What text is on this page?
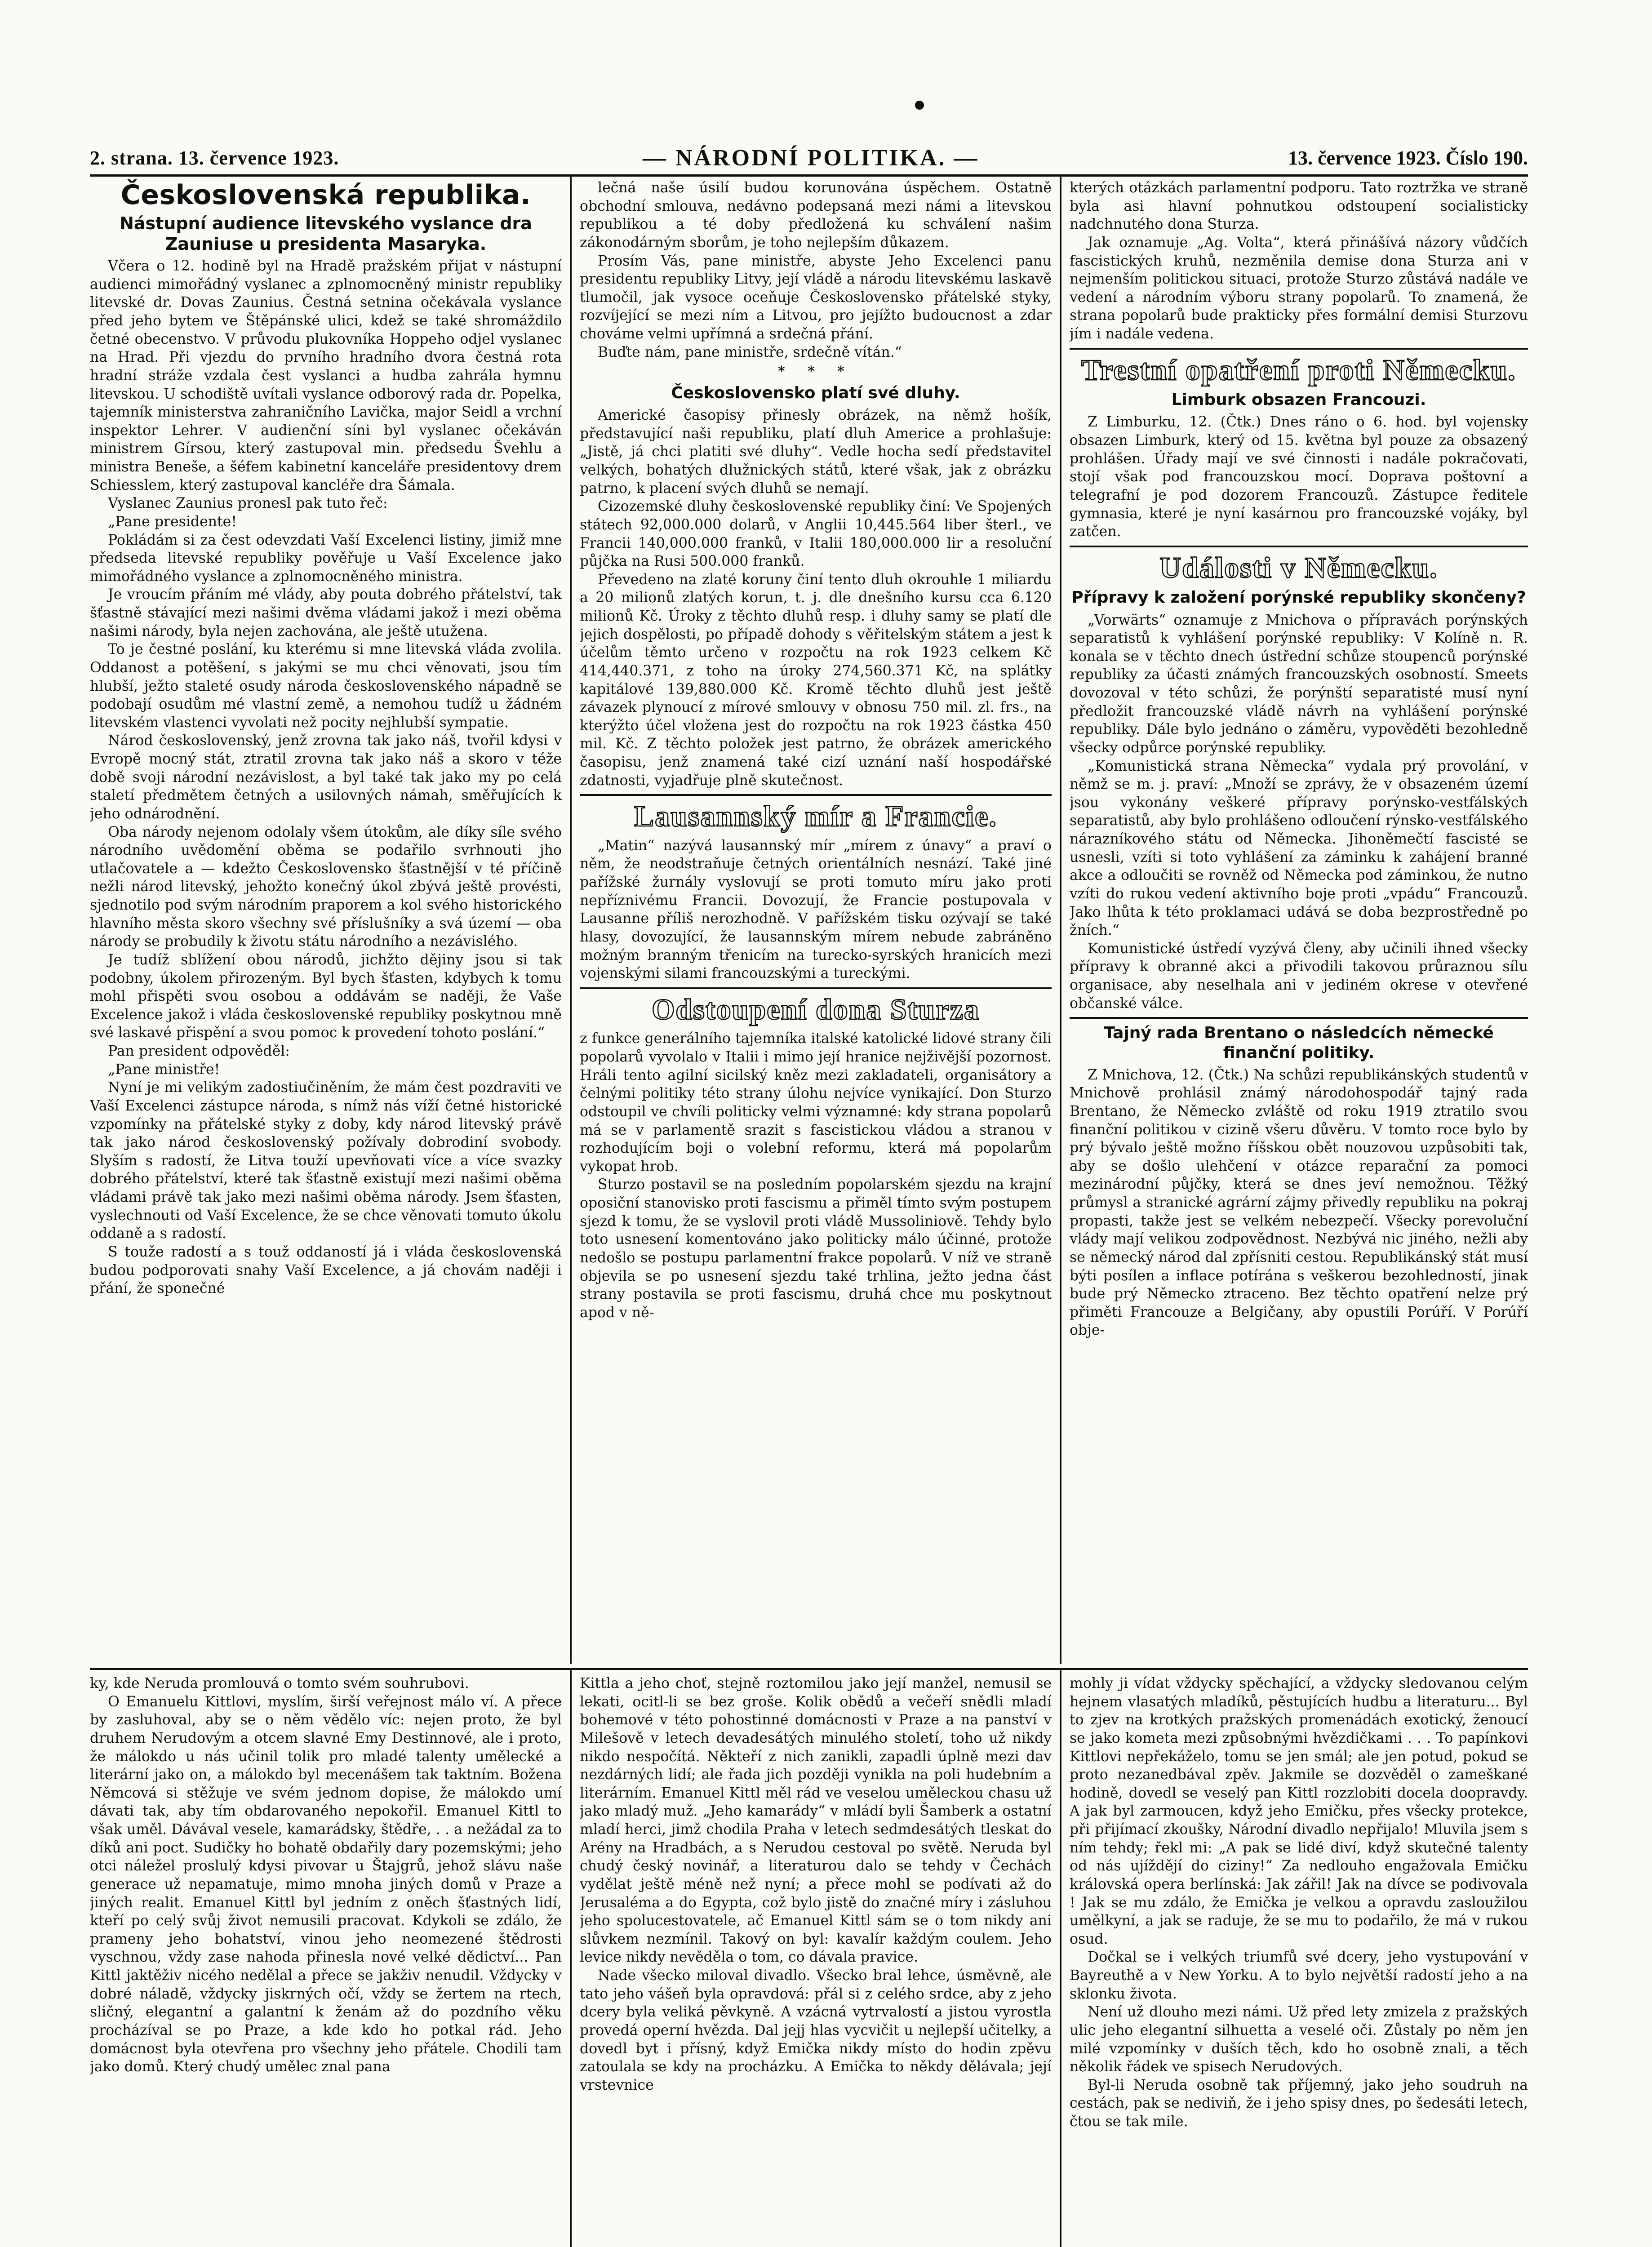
2. strana. 13. července 1923.	— NÁRODNÍ POLITIKA. —	13. července 1923. Číslo 190.
Československá republika.
Nástupní audience litevského vyslance dra Zauniuse u presidenta Masaryka.

Včera o 12. hodině byl na Hradě pražském přijat v nástupní audienci mimořádný vyslanec a zplnomocněný ministr republiky litevské dr. Dovas Zaunius. Čestná setnina očekávala vyslance před jeho bytem ve Štěpánské ulici, kdež se také shromáždilo četné obecenstvo. V průvodu plukovníka Hoppeho odjel vyslanec na Hrad. Při vjezdu do prvního hradního dvora čestná rota hradní stráže vzdala čest vyslanci a hudba zahrála hymnu litevskou. U schodiště uvítali vyslance odborový rada dr. Popelka, tajemník ministerstva zahraničního Lavička, major Seidl a vrchní inspektor Lehrer. V audienční síni byl vyslanec očekáván ministrem Gírsou, který zastupoval min. předsedu Švehlu a ministra Beneše, a šéfem kabinetní kanceláře presidentovy drem Schiesslem, který zastupoval kancléře dra Šámala.

Vyslanec Zaunius pronesl pak tuto řeč:

„Pane presidente!

Pokládám si za čest odevzdati Vaší Excelenci listiny, jimiž mne předseda litevské republiky pověřuje u Vaší Excelence jako mimořádného vyslance a zplnomocněného ministra.

Je vroucím přáním mé vlády, aby pouta dobrého přátelství, tak šťastně stávající mezi našimi dvěma vládami jakož i mezi oběma našimi národy, byla nejen zachována, ale ještě utužena.

To je čestné poslání, ku kterému si mne litevská vláda zvolila. Oddanost a potěšení, s jakými se mu chci věnovati, jsou tím hlubší, ježto staleté osudy národa československého nápadně se podobají osudům mé vlastní země, a nemohou tudíž u žádném litevském vlastenci vyvolati než pocity nejhlubší sympatie.

Národ československý, jenž zrovna tak jako náš, tvořil kdysi v Evropě mocný stát, ztratil zrovna tak jako náš a skoro v téže době svoji národní nezávislost, a byl také tak jako my po celá staletí předmětem četných a usilovných námah, směřujících k jeho odnárodnění.

Oba národy nejenom odolaly všem útokům, ale díky síle svého národního uvědomění oběma se podařilo svrhnouti jho utlačovatele a — kdežto Československo šťastnější v té příčině nežli národ litevský, jehožto konečný úkol zbývá ještě provésti, sjednotilo pod svým národním praporem a kol svého historického hlavního města skoro všechny své příslušníky a svá území — oba národy se probudily k životu státu národního a nezávislého.

Je tudíž sblížení obou národů, jichžto dějiny jsou si tak podobny, úkolem přirozeným. Byl bych šťasten, kdybych k tomu mohl přispěti svou osobou a oddávám se naději, že Vaše Excelence jakož i vláda československé republiky poskytnou mně své laskavé přispění a svou pomoc k provedení tohoto poslání.“

Pan president odpověděl:

„Pane ministře!

Nyní je mi velikým zadostiučiněním, že mám čest pozdraviti ve Vaší Excelenci zástupce národa, s nímž nás víží četné historické vzpomínky na přátelské styky z doby, kdy národ litevský právě tak jako národ československý požívaly dobrodiní svobody. Slyším s radostí, že Litva touží upevňovati více a více svazky dobrého přátelství, které tak šťastně existují mezi našimi oběma vládami právě tak jako mezi našimi oběma národy. Jsem šťasten, vyslechnouti od Vaší Excelence, že se chce věnovati tomuto úkolu oddaně a s radostí.

S touže radostí a s touž oddaností já i vláda československá budou podporovati snahy Vaší Excelence, a já chovám naději i přání, že sponečné

lečná naše úsilí budou korunována úspěchem. Ostatně obchodní smlouva, nedávno podepsaná mezi námi a litevskou republikou a té doby předložená ku schválení našim zákonodárným sborům, je toho nejlepším důkazem.

Prosím Vás, pane ministře, abyste Jeho Excelenci panu presidentu republiky Litvy, její vládě a národu litevskému laskavě tlumočil, jak vysoce oceňuje Československo přátelské styky, rozvíjející se mezi ním a Litvou, pro jejížto budoucnost a zdar chováme velmi upřímná a srdečná přání.

Buďte nám, pane ministře, srdečně vítán.“

* * *
Československo platí své dluhy.

Americké časopisy přinesly obrázek, na němž hošík, představující naši republiku, platí dluh Americe a prohlašuje: „Jistě, já chci platiti své dluhy“. Vedle hocha sedí představitel velkých, bohatých dlužnických států, které však, jak z obrázku patrno, k placení svých dluhů se nemají.

Cizozemské dluhy československé republiky činí: Ve Spojených státech 92,000.000 dolarů, v Anglii 10,445.564 liber šterl., ve Francii 140,000.000 franků, v Italii 180,000.000 lir a resoluční půjčka na Rusi 500.000 franků.

Převedeno na zlaté koruny činí tento dluh okrouhle 1 miliardu a 20 milionů zlatých korun, t. j. dle dnešního kursu cca 6.120 milionů Kč. Úroky z těchto dluhů resp. i dluhy samy se platí dle jejich dospělosti, po případě dohody s věřitelským státem a jest k účelům těmto určeno v rozpočtu na rok 1923 celkem Kč 414,440.371, z toho na úroky 274,560.371 Kč, na splátky kapitálové 139,880.000 Kč. Kromě těchto dluhů jest ještě závazek plynoucí z mírové smlouvy v obnosu 750 mil. zl. frs., na kterýžto účel vložena jest do rozpočtu na rok 1923 částka 450 mil. Kč. Z těchto položek jest patrno, že obrázek amerického časopisu, jenž znamená také cizí uznání naší hospodářské zdatnosti, vyjadřuje plně skutečnost.

Lausannský mír a Francie.

„Matin“ nazývá lausannský mír „mírem z únavy“ a praví o něm, že neodstraňuje četných orientálních nesnází. Také jiné pařížské žurnály vyslovují se proti tomuto míru jako proti nepříznivému Francii. Dovozují, že Francie postupovala v Lausanne příliš nerozhodně. V pařížském tisku ozývají se také hlasy, dovozující, že lausannským mírem nebude zabráněno možným branným třenicím na turecko-syrských hranicích mezi vojenskými silami francouzskými a tureckými.

Odstoupení dona Sturza

z funkce generálního tajemníka italské katolické lidové strany čili popolarů vyvolalo v Italii i mimo její hranice nejživější pozornost. Hráli tento agilní sicilský kněz mezi zakladateli, organisátory a čelnými politiky této strany úlohu nejvíce vynikající. Don Sturzo odstoupil ve chvíli politicky velmi významné: kdy strana popolarů má se v parlamentě srazit s fascistickou vládou a stranou v rozhodujícím boji o volební reformu, která má popolarům vykopat hrob.

Sturzo postavil se na posledním popolarském sjezdu na krajní oposiční stanovisko proti fascismu a přiměl tímto svým postupem sjezd k tomu, že se vyslovil proti vládě Mussoliniově. Tehdy bylo toto usnesení komentováno jako politicky málo účinné, protože nedošlo se postupu parlamentní frakce popolarů. V níž ve straně objevila se po usnesení sjezdu také trhlina, ježto jedna část strany postavila se proti fascismu, druhá chce mu poskytnout apod v ně-

kterých otázkách parlamentní podporu. Tato roztržka ve straně byla asi hlavní pohnutkou odstoupení socialisticky nadchnutého dona Sturza.

Jak oznamuje „Ag. Volta“, která přinášívá názory vůdčích fascistických kruhů, nezměnila demise dona Sturza ani v nejmenším politickou situaci, protože Sturzo zůstává nadále ve vedení a národním výboru strany popolarů. To znamená, že strana popolarů bude prakticky přes formální demisi Sturzovu jím i nadále vedena.

Trestní opatření proti Německu.
Limburk obsazen Francouzi.

Z Limburku, 12. (Čtk.) Dnes ráno o 6. hod. byl vojensky obsazen Limburk, který od 15. května byl pouze za obsazený prohlášen. Úřady mají ve své činnosti i nadále pokračovati, stojí však pod francouzskou mocí. Doprava poštovní a telegrafní je pod dozorem Francouzů. Zástupce ředitele gymnasia, které je nyní kasárnou pro francouzské vojáky, byl zatčen.

Události v Německu.
Přípravy k založení porýnské republiky skončeny?

„Vorwärts“ oznamuje z Mnichova o přípravách porýnských separatistů k vyhlášení porýnské republiky: V Kolíně n. R. konala se v těchto dnech ústřední schůze stoupenců porýnské republiky za účasti známých francouzských osobností. Smeets dovozoval v této schůzi, že porýnští separatisté musí nyní předložit francouzské vládě návrh na vyhlášení porýnské republiky. Dále bylo jednáno o záměru, vypověděti bezohledně všecky odpůrce porýnské republiky.

„Komunistická strana Německa“ vydala prý provolání, v němž se m. j. praví: „Množí se zprávy, že v obsazeném území jsou vykonány veškeré přípravy porýnsko-vestfálských separatistů, aby bylo prohlášeno odloučení rýnsko-vestfálského nárazníkového státu od Německa. Jihoněmečtí fascisté se usnesli, vzíti si toto vyhlášení za záminku k zahájení branné akce a odloučiti se rovněž od Německa pod záminkou, že nutno vzíti do rukou vedení aktivního boje proti „vpádu“ Francouzů. Jako lhůta k této proklamaci udává se doba bezprostředně po žních.“

Komunistické ústředí vyzývá členy, aby učinili ihned všecky přípravy k obranné akci a přivodili takovou průraznou sílu organisace, aby neselhala ani v jediném okrese v otevřené občanské válce.

Tajný rada Brentano o následcích německé finanční politiky.

Z Mnichova, 12. (Čtk.) Na schůzi republikánských studentů v Mnichově prohlásil známý národohospodář tajný rada Brentano, že Německo zvláště od roku 1919 ztratilo svou finanční politikou v cizině všeru důvěru. V tomto roce bylo by prý bývalo ještě možno říšskou obět nouzovou uzpůsobiti tak, aby se došlo ulehčení v otázce reparační za pomoci mezinárodní půjčky, která se dnes jeví nemožnou. Těžký průmysl a stranické agrární zájmy přivedly republiku na pokraj propasti, takže jest se velkém nebezpečí. Všecky porevoluční vlády mají velikou zodpovědnost. Nezbývá nic jiného, nežli aby se německý národ dal zpřísniti cestou. Republikánský stát musí býti posílen a inflace potírána s veškerou bezohledností, jinak bude prý Německo ztraceno. Bez těchto opatření nelze prý přiměti Francouze a Belgičany, aby opustili Porúří. V Porúří obje-

ky, kde Neruda promlouvá o tomto svém souhrubovi.

O Emanuelu Kittlovi, myslím, širší veřejnost málo ví. A přece by zasluhoval, aby se o něm vědělo víc: nejen proto, že byl druhem Nerudovým a otcem slavné Emy Destinnové, ale i proto, že málokdo u nás učinil tolik pro mladé talenty umělecké a literární jako on, a málokdo byl mecenášem tak taktním. Božena Němcová si stěžuje ve svém jednom dopise, že málokdo umí dávati tak, aby tím obdarovaného nepokořil. Emanuel Kittl to však uměl. Dávával vesele, kamarádsky, štědře, . . a nežádal za to díků ani poct. Sudičky ho bohatě obdařily dary pozemskými; jeho otci náležel proslulý kdysi pivovar u Štajgrů, jehož slávu naše generace už nepamatuje, mimo mnoha jiných domů v Praze a jiných realit. Emanuel Kittl byl jedním z oněch šťastných lidí, kteří po celý svůj život nemusili pracovat. Kdykoli se zdálo, že prameny jeho bohatství, vinou jeho neomezené štědrosti vyschnou, vždy zase nahoda přinesla nové velké dědictví... Pan Kittl jaktěživ nicého nedělal a přece se jakživ nenudil. Vždycky v dobré náladě, vždycky jiskrných očí, vždy se žertem na rtech, sličný, elegantní a galantní k ženám až do pozdního věku procházíval se po Praze, a kde kdo ho potkal rád. Jeho domácnost byla otevřena pro všechny jeho přátele. Chodili tam jako domů. Který chudý umělec znal pana

Kittla a jeho choť, stejně roztomilou jako její manžel, nemusil se lekati, ocitl-li se bez groše. Kolik obědů a večeří snědli mladí bohemové v této pohostinné domácnosti v Praze a na panství v Milešově v letech devadesátých minulého století, toho už nikdy nikdo nespočítá. Někteří z nich zanikli, zapadli úplně mezi dav nezdárných lidí; ale řada jich později vynikla na poli hudebním a literárním. Emanuel Kittl měl rád ve veselou uměleckou chasu už jako mladý muž. „Jeho kamarády“ v mládí byli Šamberk a ostatní mladí herci, jimž chodila Praha v letech sedmdesátých tleskat do Arény na Hradbách, a s Nerudou cestoval po světě. Neruda byl chudý český novinář, a literaturou dalo se tehdy v Čechách vydělat ještě méně než nyní; a přece mohl se podívati až do Jerusaléma a do Egypta, což bylo jistě do značné míry i zásluhou jeho spolucestovatele, ač Emanuel Kittl sám se o tom nikdy ani slůvkem nezmínil. Takový on byl: kavalír každým coulem. Jeho levice nikdy nevěděla o tom, co dávala pravice.

Nade všecko miloval divadlo. Všecko bral lehce, úsměvně, ale tato jeho vášeň byla opravdová: přál si z celého srdce, aby z jeho dcery byla veliká pěvkyně. A vzácná vytrvalostí a jistou vyrostla provedá operní hvězda. Dal jejj hlas vycvičit u nejlepší učitelky, a dovedl byt i přísný, když Emička nikdy místo do hodin zpěvu zatoulala se kdy na procházku. A Emička to někdy dělávala; její vrstevnice

mohly ji vídat vždycky spěchající, a vždycky sledovanou celým hejnem vlasatých mladíků, pěstujících hudbu a literaturu... Byl to zjev na krotkých pražských promenádách exotický, ženoucí se jako kometa mezi způsobnými hvězdičkami . . . To papínkovi Kittlovi nepřekáželo, tomu se jen smál; ale jen potud, pokud se proto nezanedbával zpěv. Jakmile se dozvěděl o zameškané hodině, dovedl se veselý pan Kittl rozzlobiti docela doopravdy. A jak byl zarmoucen, když jeho Emičku, přes všecky protekce, při přijímací zkoušky, Národní divadlo nepřijalo! Mluvila jsem s ním tehdy; řekl mi: „A pak se lidé diví, když skutečné talenty od nás ujíždějí do ciziny!“ Za nedlouho engažovala Emičku královská opera berlínská: Jak zářil! Jak na dívce se podivovala ! Jak se mu zdálo, že Emička je velkou a opravdu zasloužilou umělkyní, a jak se raduje, že se mu to podařilo, že má v rukou osud.

Dočkal se i velkých triumfů své dcery, jeho vystupování v Bayreuthě a v New Yorku. A to bylo největší radostí jeho a na sklonku života.

Není už dlouho mezi námi. Už před lety zmizela z pražských ulic jeho elegantní silhuetta a veselé oči. Zůstaly po něm jen milé vzpomínky v duších těch, kdo ho osobně znali, a těch několik řádek ve spisech Nerudových.

Byl-li Neruda osobně tak příjemný, jako jeho soudruh na cestách, pak se nediviň, že i jeho spisy dnes, po šedesáti letech, čtou se tak mile.
